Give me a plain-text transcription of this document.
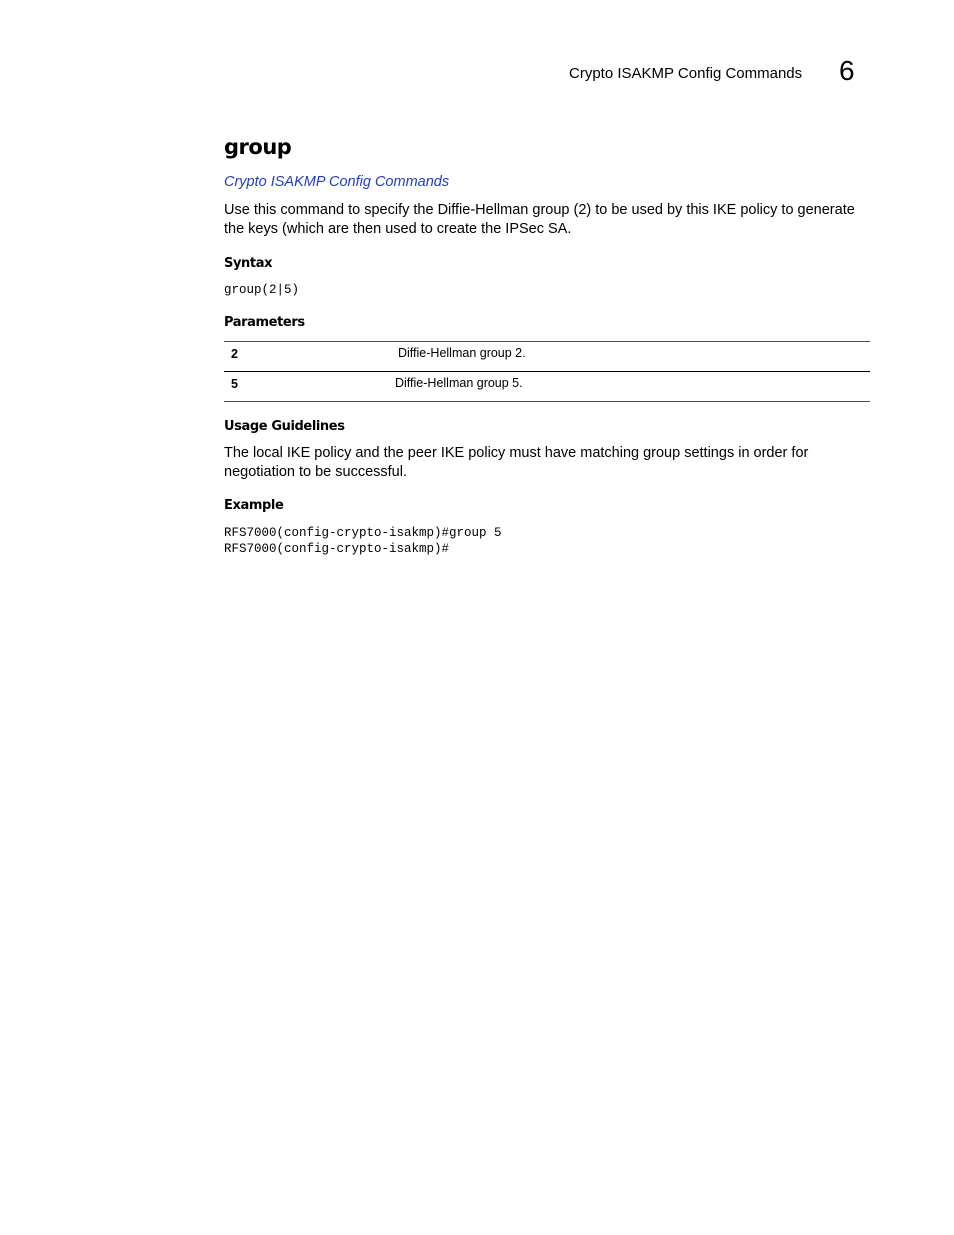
Crypto ISAKMP Config Commands 6
group
Crypto ISAKMP Config Commands

Use this command to specify the Diffie-Hellman group (2) to be used by this IKE policy to generate the keys (which are then used to create the IPSec SA.

Syntax
group(2|5)
Parameters
2	Diffie-Hellman group 2.
5	Diffie-Hellman group 5.
Usage Guidelines

The local IKE policy and the peer IKE policy must have matching group settings in order for negotiation to be successful.

Example
RFS7000(config-crypto-isakmp)#group 5
RFS7000(config-crypto-isakmp)#
